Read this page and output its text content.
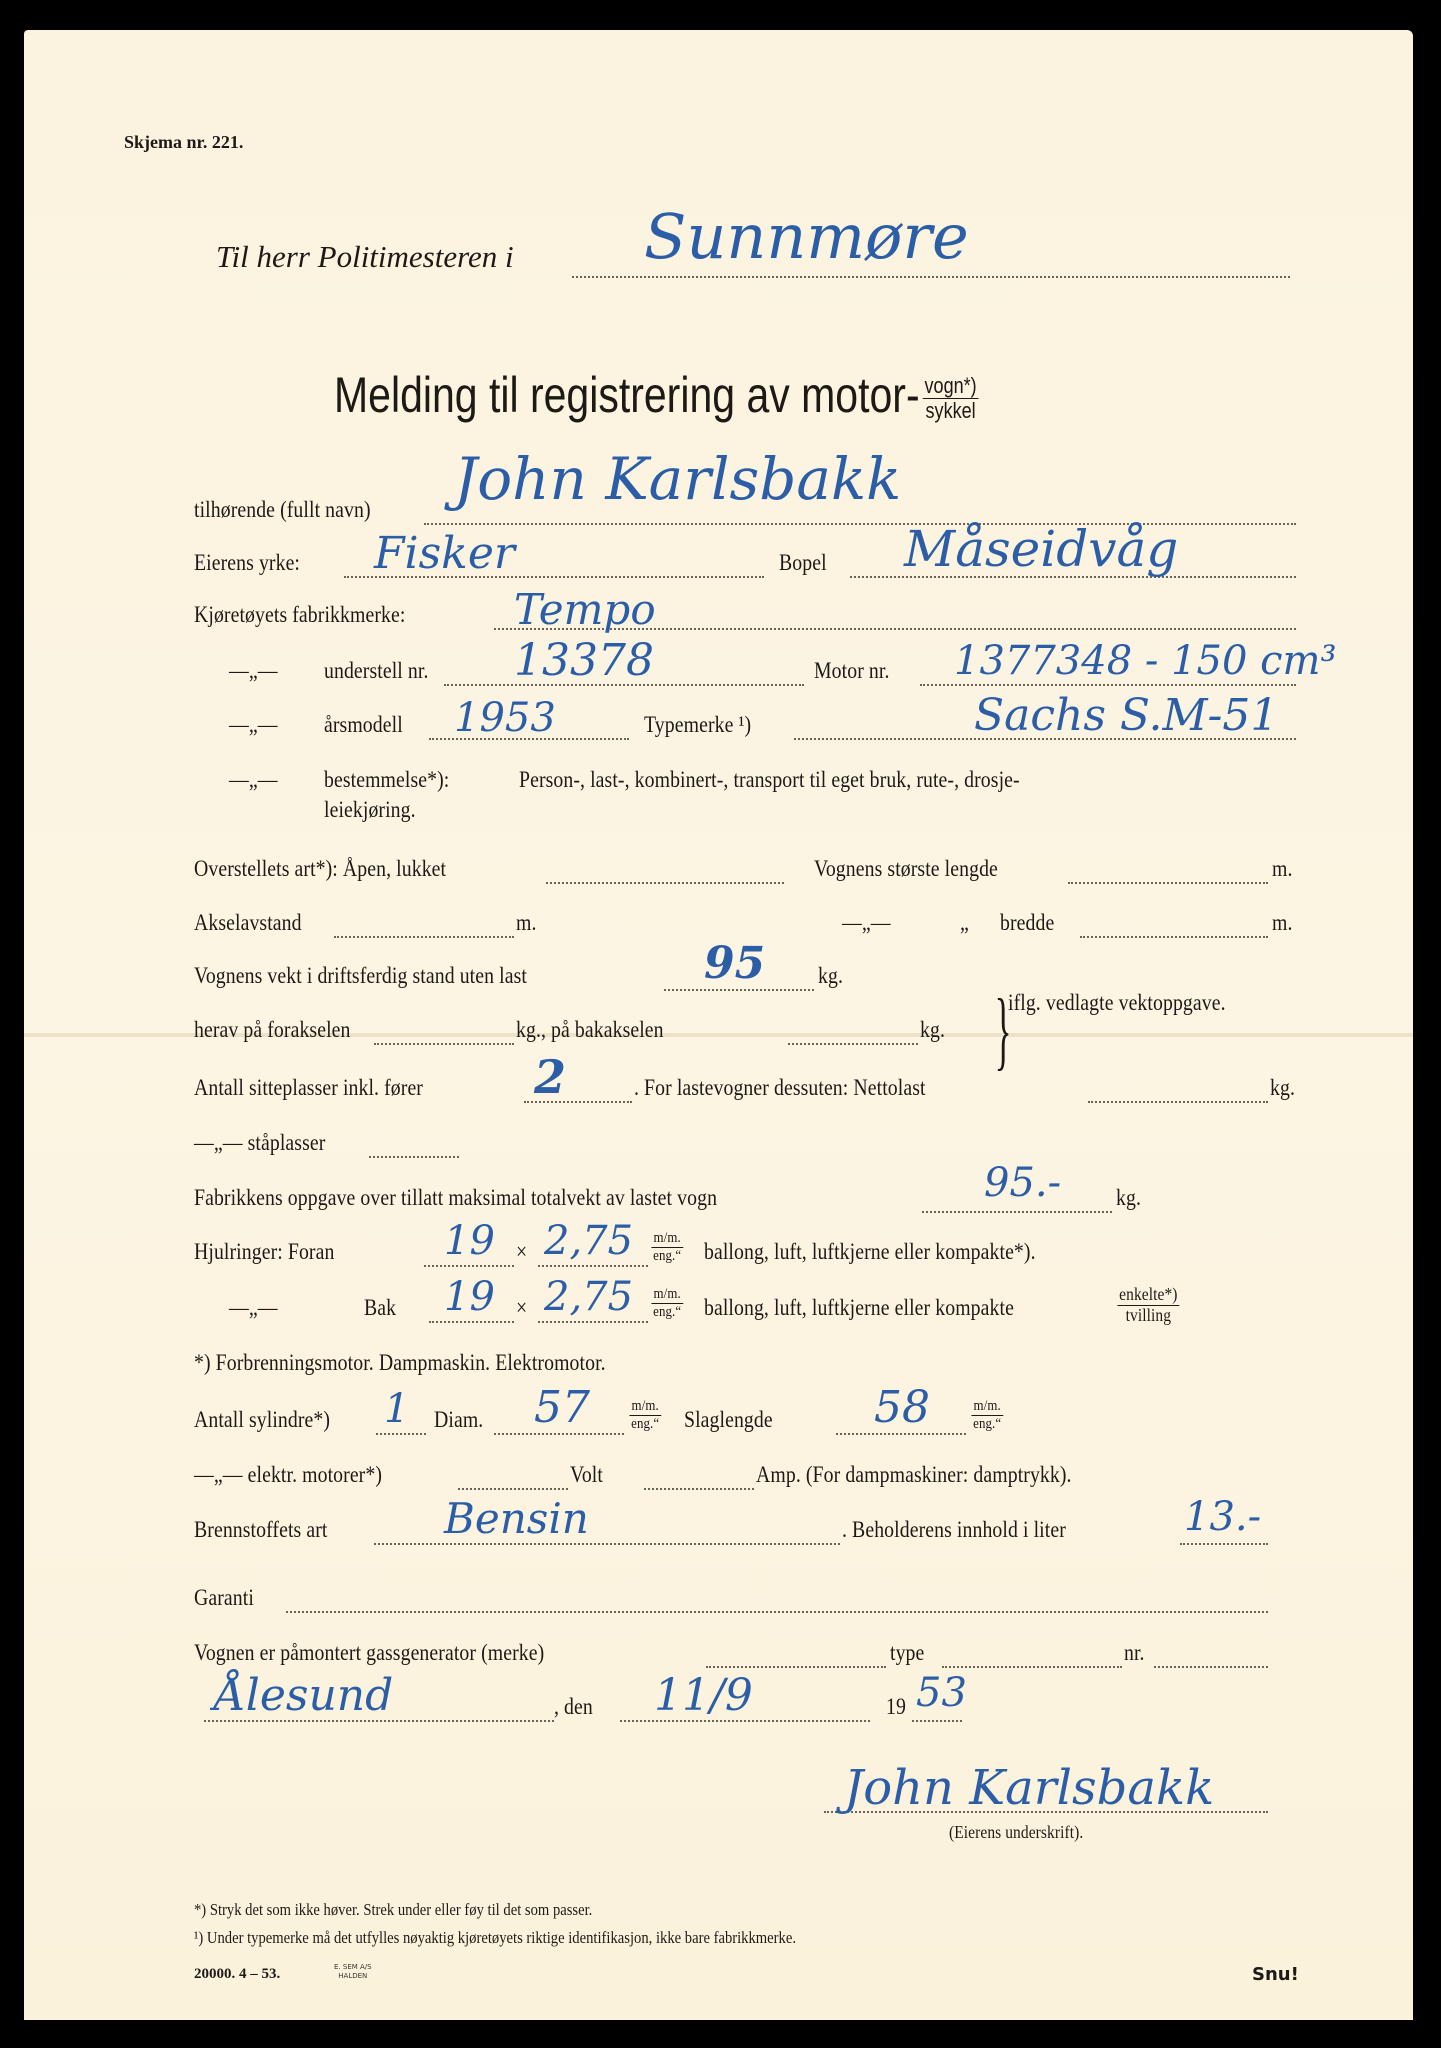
Skjema nr. 221.
Til herr Politimesteren i Sunnmøre
Melding til registrering av motor- $\frac{\text{vogn*)}}{\text{sykkel}}$
tilhørende (fullt navn) John Karlsbakk
Eierens yrke: Fisker	Bopel Måseidvåg
Kjøretøyets fabrikkmerke:	Tempo
—„— understell nr. 13378	Motor nr. 1377348 - 150 cm³
—„— årsmodell 1953	Typemerke ¹)	Sachs S.M-51
—„— bestemmelse*):	Person-, last-, kombinert-, transport til eget bruk, rute-, drosje-
leiekjøring.
Overstellets art*): Åpen, lukket	Vognens største lengde	m.
Akselavstand	m.	—„—	„ bredde	m.
Vognens vekt i driftsferdig stand uten last	95 kg.
herav på forakselen	kg., på bakakselen	kg. }
iflg. vedlagte vektoppgave.
Antall sitteplasser inkl. fører 2	. For lastevogner dessuten: Nettolast	kg.
—„— ståplasser
Fabrikkens oppgave over tillatt maksimal totalvekt av lastet vogn	95.- kg.
Hjulringer: Foran	$19 \times 2,75 \frac{m/m.}{\text{eng.“}}$ ballong, luft, luftkjerne eller kompakte*).
—„—	Bak $19 \times 2,75 \frac{m/m.}{\text{eng.“}}$ ballong, luft, luftkjerne eller kompakte	$\frac{\text{enkelte*)}}{\text{tvilling}}$
*) Forbrenningsmotor. Dampmaskin. Elektromotor.
Antall sylindre*) 1 Diam. 57	$\frac{m/m.}{\text{eng.“}}$ Slaglengde 58	$\frac{m/m.}{\text{eng.“}}$
—„— elektr. motorer*)	Volt	Amp. (For dampmaskiner: damptrykk).
Brennstoffets art	Bensin	. Beholderens innhold i liter	13.-
Garanti
Vognen er påmontert gassgenerator (merke)	type	nr.
Ålesund	, den 11/9	19 53
John Karlsbakk
(Eierens underskrift).
*) Stryk det som ikke høver. Strek under eller føy til det som passer.
¹) Under typemerke må det utfylles nøyaktig kjøretøyets riktige identifikasjon, ikke bare fabrikkmerke.
20000. 4 – 53.	E. SEM A/S
HALDEN	Snu!
